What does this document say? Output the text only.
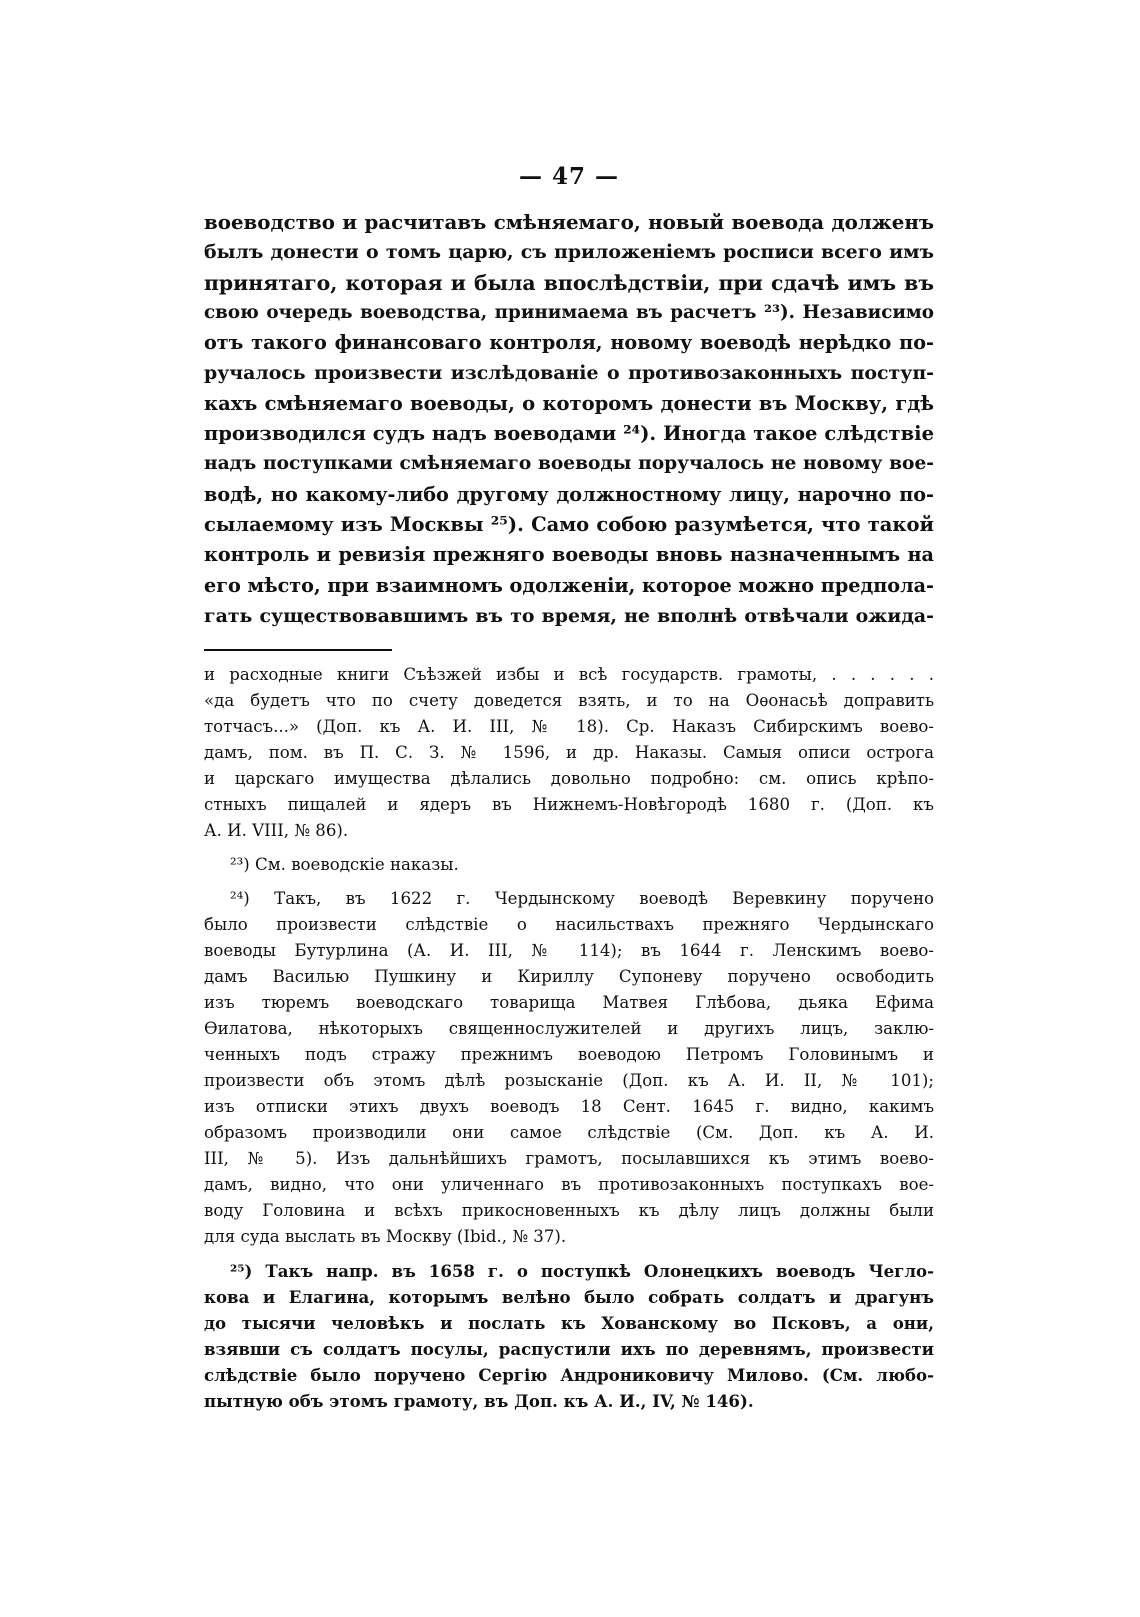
— 47 —
воеводство и расчитавъ смѣняемаго, новый воевода долженъ
былъ донести о томъ царю, съ приложеніемъ росписи всего имъ
принятаго, которая и была впослѣдствіи, при сдачѣ имъ въ
свою очередь воеводства, принимаема въ расчетъ ²³). Независимо
отъ такого финансоваго контроля, новому воеводѣ нерѣдко по-
ручалось произвести изслѣдованіе о противозаконныхъ поступ-
кахъ смѣняемаго воеводы, о которомъ донести въ Москву, гдѣ
производился судъ надъ воеводами ²⁴). Иногда такое слѣдствіе
надъ поступками смѣняемаго воеводы поручалось не новому вое-
водѣ, но какому-либо другому должностному лицу, нарочно по-
сылаемому изъ Москвы ²⁵). Само собою разумѣется, что такой
контроль и ревизія прежняго воеводы вновь назначеннымъ на
его мѣсто, при взаимномъ одолженіи, которое можно предпола-
гать существовавшимъ въ то время, не вполнѣ отвѣчали ожида-
и расходные книги Съѣзжей избы и всѣ государств. грамоты, . . . . . .
«да будетъ что по счету доведется взять, и то на Оѳонасьѣ доправить
тотчасъ...» (Доп. къ А. И. III, № 18). Ср. Наказъ Сибирскимъ воево-
дамъ, пом. въ П. С. З. № 1596, и др. Наказы. Самыя описи острога
и царскаго имущества дѣлались довольно подробно: см. опись крѣпо-
стныхъ пищалей и ядеръ въ Нижнемъ-Новѣгородѣ 1680 г. (Доп. къ
А. И. VIII, № 86).
²³) См. воеводскіе наказы.
²⁴) Такъ, въ 1622 г. Чердынскому воеводѣ Веревкину поручено
было произвести слѣдствіе о насильствахъ прежняго Чердынскаго
воеводы Бутурлина (А. И. III, № 114); въ 1644 г. Ленскимъ воево-
дамъ Василью Пушкину и Кириллу Супоневу поручено освободить
изъ тюремъ воеводскаго товарища Матвея Глѣбова, дьяка Ефима
Ѳилатова, нѣкоторыхъ священнослужителей и другихъ лицъ, заклю-
ченныхъ подъ стражу прежнимъ воеводою Петромъ Головинымъ и
произвести объ этомъ дѣлѣ розысканіе (Доп. къ А. И. II, № 101);
изъ отписки этихъ двухъ воеводъ 18 Сент. 1645 г. видно, какимъ
образомъ производили они самое слѣдствіе (См. Доп. къ А. И.
III, № 5). Изъ дальнѣйшихъ грамотъ, посылавшихся къ этимъ воево-
дамъ, видно, что они уличеннаго въ противозаконныхъ поступкахъ вое-
воду Головина и всѣхъ прикосновенныхъ къ дѣлу лицъ должны были
для суда выслать въ Москву (Ibid., № 37).
²⁵) Такъ напр. въ 1658 г. о поступкѣ Олонецкихъ воеводъ Чегло-
кова и Елагина, которымъ велѣно было собрать солдатъ и драгунъ
до тысячи человѣкъ и послать къ Хованскому во Псковъ, а они,
взявши съ солдатъ посулы, распустили ихъ по деревнямъ, произвести
слѣдствіе было поручено Сергію Андрониковичу Милово. (См. любо-
пытную объ этомъ грамоту, въ Доп. къ А. И., IV, № 146).
